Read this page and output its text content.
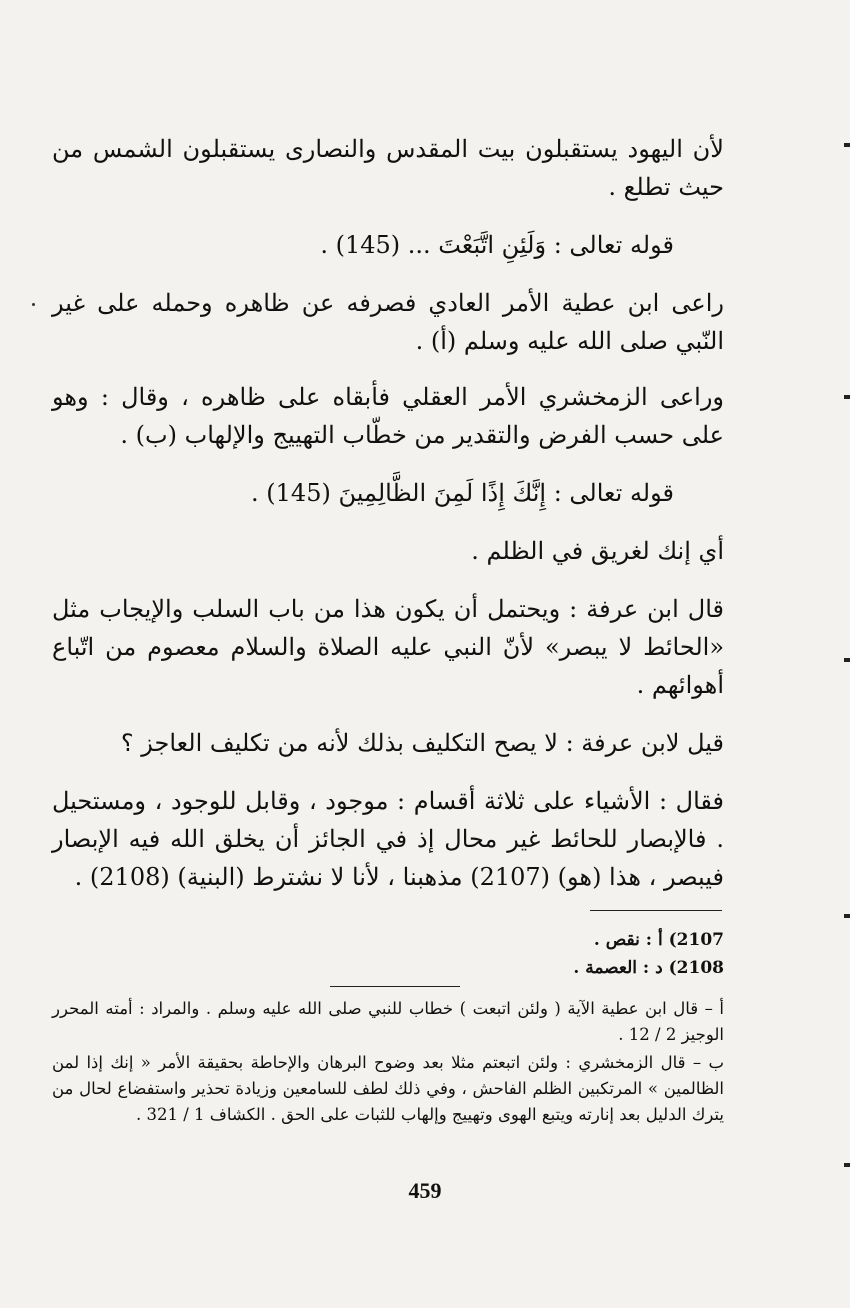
لأن اليهود يستقبلون بيت المقدس والنصارى يستقبلون الشمس من حيث تطلع .

قوله تعالى : وَلَئِنِ اتَّبَعْتَ ... (145) .

راعى ابن عطية الأمر العادي فصرفه عن ظاهره وحمله على غير النّبي صلى الله عليه وسلم (أ) .

وراعى الزمخشري الأمر العقلي فأبقاه على ظاهره ، وقال : وهو على حسب الفرض والتقدير من خطّاب التهييج والإلهاب (ب) .

قوله تعالى : إِنَّكَ إِذًا لَمِنَ الظَّالِمِينَ (145) .

أي إنك لغريق في الظلم .

قال ابن عرفة : ويحتمل أن يكون هذا من باب السلب والإيجاب مثل «الحائط لا يبصر» لأنّ النبي عليه الصلاة والسلام معصوم من اتّباع أهوائهم .

قيل لابن عرفة : لا يصح التكليف بذلك لأنه من تكليف العاجز ؟

فقال : الأشياء على ثلاثة أقسام : موجود ، وقابل للوجود ، ومستحيل . فالإبصار للحائط غير محال إذ في الجائز أن يخلق الله فيه الإبصار فيبصر ، هذا (هو) (2107) مذهبنا ، لأنا لا نشترط (البنية) (2108) .

2107) أ : نقص .

2108) د : العصمة .

أ – قال ابن عطية الآية ( ولئن اتبعت ) خطاب للنبي صلى الله عليه وسلم . والمراد : أمته المحرر الوجيز 2 / 12 .

ب – قال الزمخشري : ولئن اتبعتم مثلا بعد وضوح البرهان والإحاطة بحقيقة الأمر « إنك إذا لمن الظالمين » المرتكبين الظلم الفاحش ، وفي ذلك لطف للسامعين وزيادة تحذير واستفضاع لحال من يترك الدليل بعد إنارته ويتبع الهوى وتهييج وإلهاب للثبات على الحق . الكشاف 1 / 321 .

459
